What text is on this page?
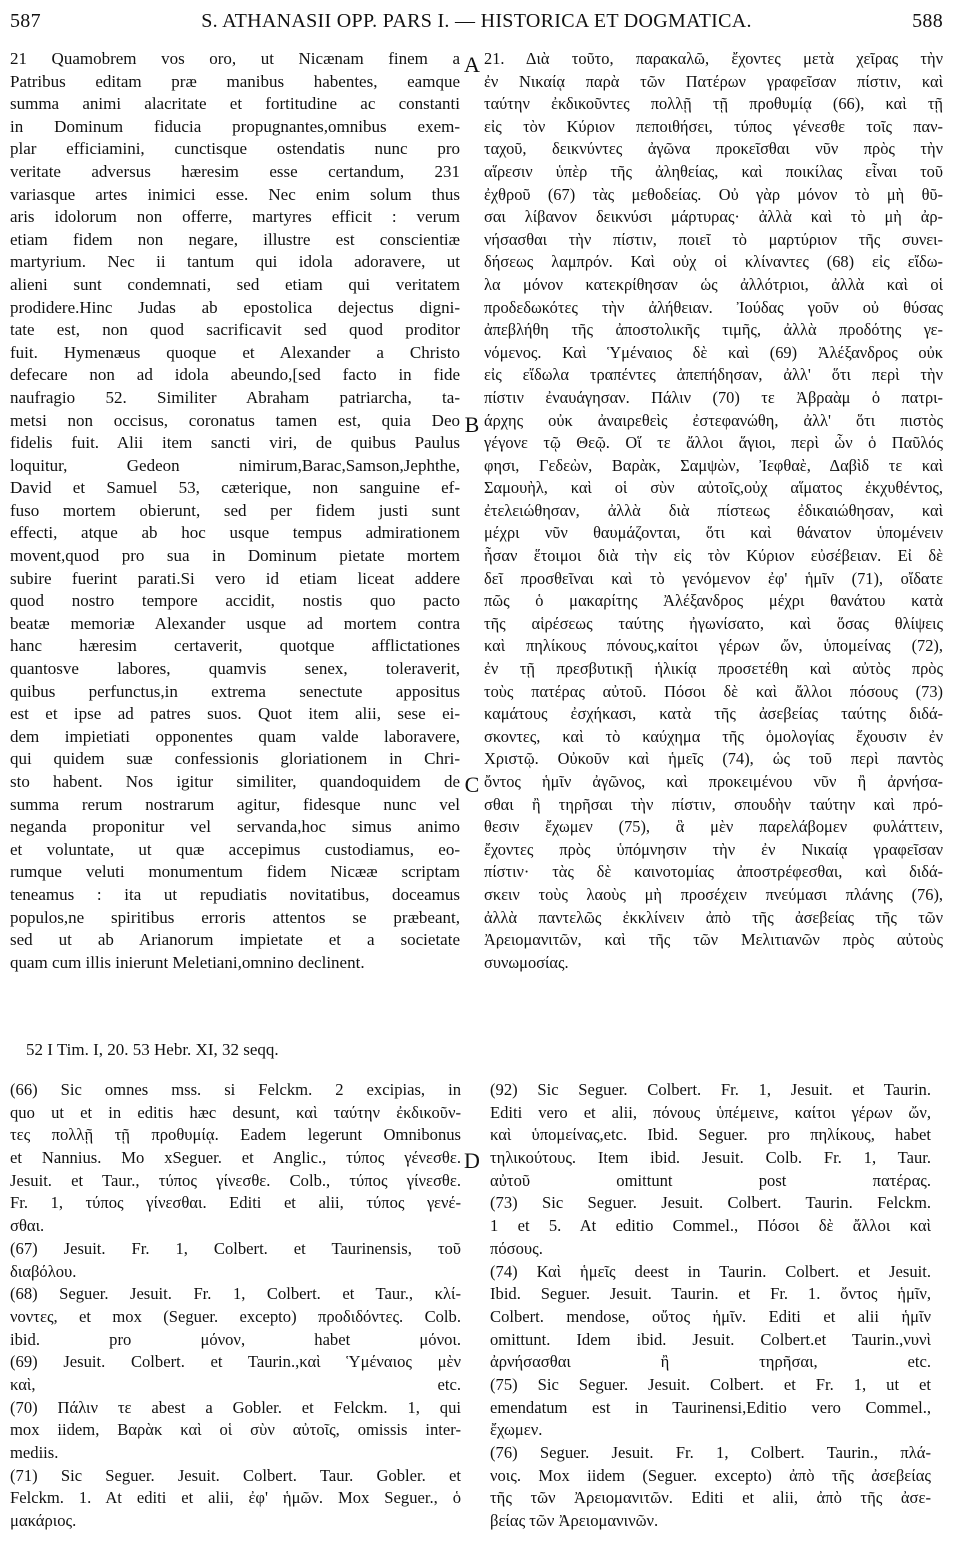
587	S. ATHANASII OPP. PARS I. — HISTORICA ET DOGMATICA.	588
21 Quamobrem vos oro, ut Nicænam finem a
Patribus editam præ manibus habentes, eamque
summa animi alacritate et fortitudine ac constanti
in Dominum fiducia propugnantes,omnibus exem-
plar efficiamini, cunctisque ostendatis nunc pro
veritate adversus hæresim esse certandum, 231
variasque artes inimici esse. Nec enim solum thus
aris idolorum non offerre, martyres efficit : verum
etiam fidem non negare, illustre est conscientiæ
martyrium. Nec ii tantum qui idola adoravere, ut
alieni sunt condemnati, sed etiam qui veritatem
prodidere.Hinc Judas ab epostolica dejectus digni-
tate est, non quod sacrificavit sed quod proditor
fuit. Hymenæus quoque et Alexander a Christo
defecare non ad idola abeundo,[sed facto in fide
naufragio 52. Similiter Abraham patriarcha, ta-
metsi non occisus, coronatus tamen est, quia Deo
fidelis fuit. Alii item sancti viri, de quibus Paulus
loquitur, Gedeon nimirum,Barac,Samson,Jephthe,
David et Samuel 53, cæterique, non sanguine ef-
fuso mortem obierunt, sed per fidem justi sunt
effecti, atque ab hoc usque tempus admirationem
movent,quod pro sua in Dominum pietate mortem
subire fuerint parati.Si vero id etiam liceat addere
quod nostro tempore accidit, nostis quo pacto
beatæ memoriæ Alexander usque ad mortem contra
hanc hæresim certaverit, quotque afflictationes
quantosve labores, quamvis senex, toleraverit,
quibus perfunctus,in extrema senectute appositus
est et ipse ad patres suos. Quot item alii, sese ei-
dem impietiati opponentes quam valde laboravere,
qui quidem suæ confessionis gloriationem in Chri-
sto habent. Nos igitur similiter, quandoquidem de
summa rerum nostrarum agitur, fidesque nunc vel
neganda proponitur vel servanda,hoc simus animo
et voluntate, ut quæ accepimus custodiamus, eo-
rumque veluti monumentum fidem Nicææ scriptam
teneamus : ita ut repudiatis novitatibus, doceamus
populos,ne spiritibus erroris attentos se præbeant,
sed ut ab Arianorum impietate et a societate
quam cum illis inierunt Meletiani,omnino declinent.
21. Διὰ τοῦτο, παρακαλῶ, ἔχοντες μετὰ χεῖρας τὴν
ἐν Νικαίᾳ παρὰ τῶν Πατέρων γραφεῖσαν πίστιν, καὶ
ταύτην ἐκδικοῦντες πολλῇ τῇ προθυμίᾳ (66), καὶ τῇ
εἰς τὸν Κύριον πεποιθήσει, τύπος γένεσθε τοῖς παν-
ταχοῦ, δεικνύντες ἀγῶνα προκεῖσθαι νῦν πρὸς τὴν
αἵρεσιν ὑπὲρ τῆς ἀληθείας, καὶ ποικίλας εἶναι τοῦ
ἐχθροῦ (67) τὰς μεθοδείας. Οὐ γὰρ μόνον τὸ μὴ θῦ-
σαι λίβανον δεικνύσι μάρτυρας· ἀλλὰ καὶ τὸ μὴ ἀρ-
νήσασθαι τὴν πίστιν, ποιεῖ τὸ μαρτύριον τῆς συνει-
δήσεως λαμπρόν. Καὶ οὐχ οἱ κλίναντες (68) εἰς εἴδω-
λα μόνον κατεκρίθησαν ὡς ἀλλότριοι, ἀλλὰ καὶ οἱ
προδεδωκότες τὴν ἀλήθειαν. Ἰούδας γοῦν οὐ θύσας
ἀπεβλήθη τῆς ἀποστολικῆς τιμῆς, ἀλλὰ προδότης γε-
νόμενος. Καὶ Ὑμέναιος δὲ καὶ (69) Ἀλέξανδρος οὐκ
εἰς εἴδωλα τραπέντες ἀπεπήδησαν, ἀλλ' ὅτι περὶ τὴν
πίστιν ἐναυάγησαν. Πάλιν (70) τε Ἀβραὰμ ὁ πατρι-
άρχης οὐκ ἀναιρεθεὶς ἐστεφανώθη, ἀλλ' ὅτι πιστὸς
γέγονε τῷ Θεῷ. Οἵ τε ἄλλοι ἅγιοι, περὶ ὧν ὁ Παῦλός
φησι, Γεδεὼν, Βαρὰκ, Σαμψὼν, Ἰεφθαὲ, Δαβὶδ τε καὶ
Σαμουὴλ, καὶ οἱ σὺν αὐτοῖς,οὐχ αἵματος ἐκχυθέντος,
ἐτελειώθησαν, ἀλλὰ διὰ πίστεως ἐδικαιώθησαν, καὶ
μέχρι νῦν θαυμάζονται, ὅτι καὶ θάνατον ὑπομένειν
ἦσαν ἕτοιμοι διὰ τὴν εἰς τὸν Κύριον εὐσέβειαν. Εἰ δὲ
δεῖ προσθεῖναι καὶ τὸ γενόμενον ἐφ' ἡμῖν (71), οἴδατε
πῶς ὁ μακαρίτης Ἀλέξανδρος μέχρι θανάτου κατὰ
τῆς αἱρέσεως ταύτης ἠγωνίσατο, καὶ ὅσας θλίψεις
καὶ πηλίκους πόνους,καίτοι γέρων ὤν, ὑπομείνας (72),
ἐν τῇ πρεσβυτικῇ ἡλικίᾳ προσετέθη καὶ αὐτὸς πρὸς
τοὺς πατέρας αὐτοῦ. Πόσοι δὲ καὶ ἄλλοι πόσους (73)
καμάτους ἐσχήκασι, κατὰ τῆς ἀσεβείας ταύτης διδά-
σκοντες, καὶ τὸ καύχημα τῆς ὁμολογίας ἔχουσιν ἐν
Χριστῷ. Οὐκοῦν καὶ ἡμεῖς (74), ὡς τοῦ περὶ παντὸς
ὄντος ἡμῖν ἀγῶνος, καὶ προκειμένου νῦν ἢ ἀρνήσα-
σθαι ἢ τηρῆσαι τὴν πίστιν, σπουδὴν ταύτην καὶ πρό-
θεσιν ἔχωμεν (75), ἃ μὲν παρελάβομεν φυλάττειν,
ἔχοντες πρὸς ὑπόμνησιν τὴν ἐν Νικαίᾳ γραφεῖσαν
πίστιν· τὰς δὲ καινοτομίας ἀποστρέφεσθαι, καὶ διδά-
σκειν τοὺς λαοὺς μὴ προσέχειν πνεύμασι πλάνης (76),
ἀλλὰ παντελῶς ἐκκλίνειν ἀπὸ τῆς ἀσεβείας τῆς τῶν
Ἀρειομανιτῶν, καὶ τῆς τῶν Μελιτιανῶν πρὸς αὐτοὺς
συνωμοσίας.
A
B
C
D
52 I Tim. I, 20. 53 Hebr. XI, 32 seqq.
(66) Sic omnes mss. si Felckm. 2 excipias, in
quo ut et in editis hæc desunt, καὶ ταύτην ἐκδικοῦν-
τες πολλῇ τῇ προθυμίᾳ. Eadem legerunt Omnibonus
et Nannius. Mo xSeguer. et Anglic., τύπος γένεσθε.
Jesuit. et Taur., τύπος γίνεσθε. Colb., τύπος γίνεσθε.
Fr. 1, τύπος γίνεσθαι. Editi et alii, τύπος γενέ-
σθαι.
(67) Jesuit. Fr. 1, Colbert. et Taurinensis, τοῦ
διαβόλου.
(68) Seguer. Jesuit. Fr. 1, Colbert. et Taur., κλί-
νοντες, et mox (Seguer. excepto) προδιδόντες. Colb.
ibid. pro μόνον, habet μόνοι.
(69) Jesuit. Colbert. et Taurin.,καὶ Ὑμέναιος μὲν
καὶ, etc.
(70) Πάλιν τε abest a Gobler. et Felckm. 1, qui
mox iidem, Βαρὰκ καὶ οἱ σὺν αὐτοῖς, omissis inter-
mediis.
(71) Sic Seguer. Jesuit. Colbert. Taur. Gobler. et
Felckm. 1. At editi et alii, ἐφ' ἡμῶν. Mox Seguer., ὁ
μακάριος.
(92) Sic Seguer. Colbert. Fr. 1, Jesuit. et Taurin.
Editi vero et alii, πόνους ὑπέμεινε, καίτοι γέρων ὤν,
καὶ ὑπομείνας,etc. Ibid. Seguer. pro πηλίκους, habet
τηλικούτους. Item ibid. Jesuit. Colb. Fr. 1, Taur.
αὐτοῦ omittunt post πατέρας.
(73) Sic Seguer. Jesuit. Colbert. Taurin. Felckm.
1 et 5. At editio Commel., Πόσοι δὲ ἄλλοι καὶ
πόσους.
(74) Καὶ ἡμεῖς deest in Taurin. Colbert. et Jesuit.
Ibid. Seguer. Jesuit. Taurin. et Fr. 1. ὄντος ἡμῖν,
Colbert. mendose, οὔτος ἡμῖν. Editi et alii ἡμῖν
omittunt. Idem ibid. Jesuit. Colbert.et Taurin.,νυνὶ
ἀρνήσασθαι ἢ τηρῆσαι, etc.
(75) Sic Seguer. Jesuit. Colbert. et Fr. 1, ut et
emendatum est in Taurinensi,Editio vero Commel.,
ἔχωμεν.
(76) Seguer. Jesuit. Fr. 1, Colbert. Taurin., πλά-
νοις. Mox iidem (Seguer. excepto) ἀπὸ τῆς ἀσεβείας
τῆς τῶν Ἀρειομανιτῶν. Editi et alii, ἀπὸ τῆς ἀσε-
βείας τῶν Ἀρειομανινῶν.
